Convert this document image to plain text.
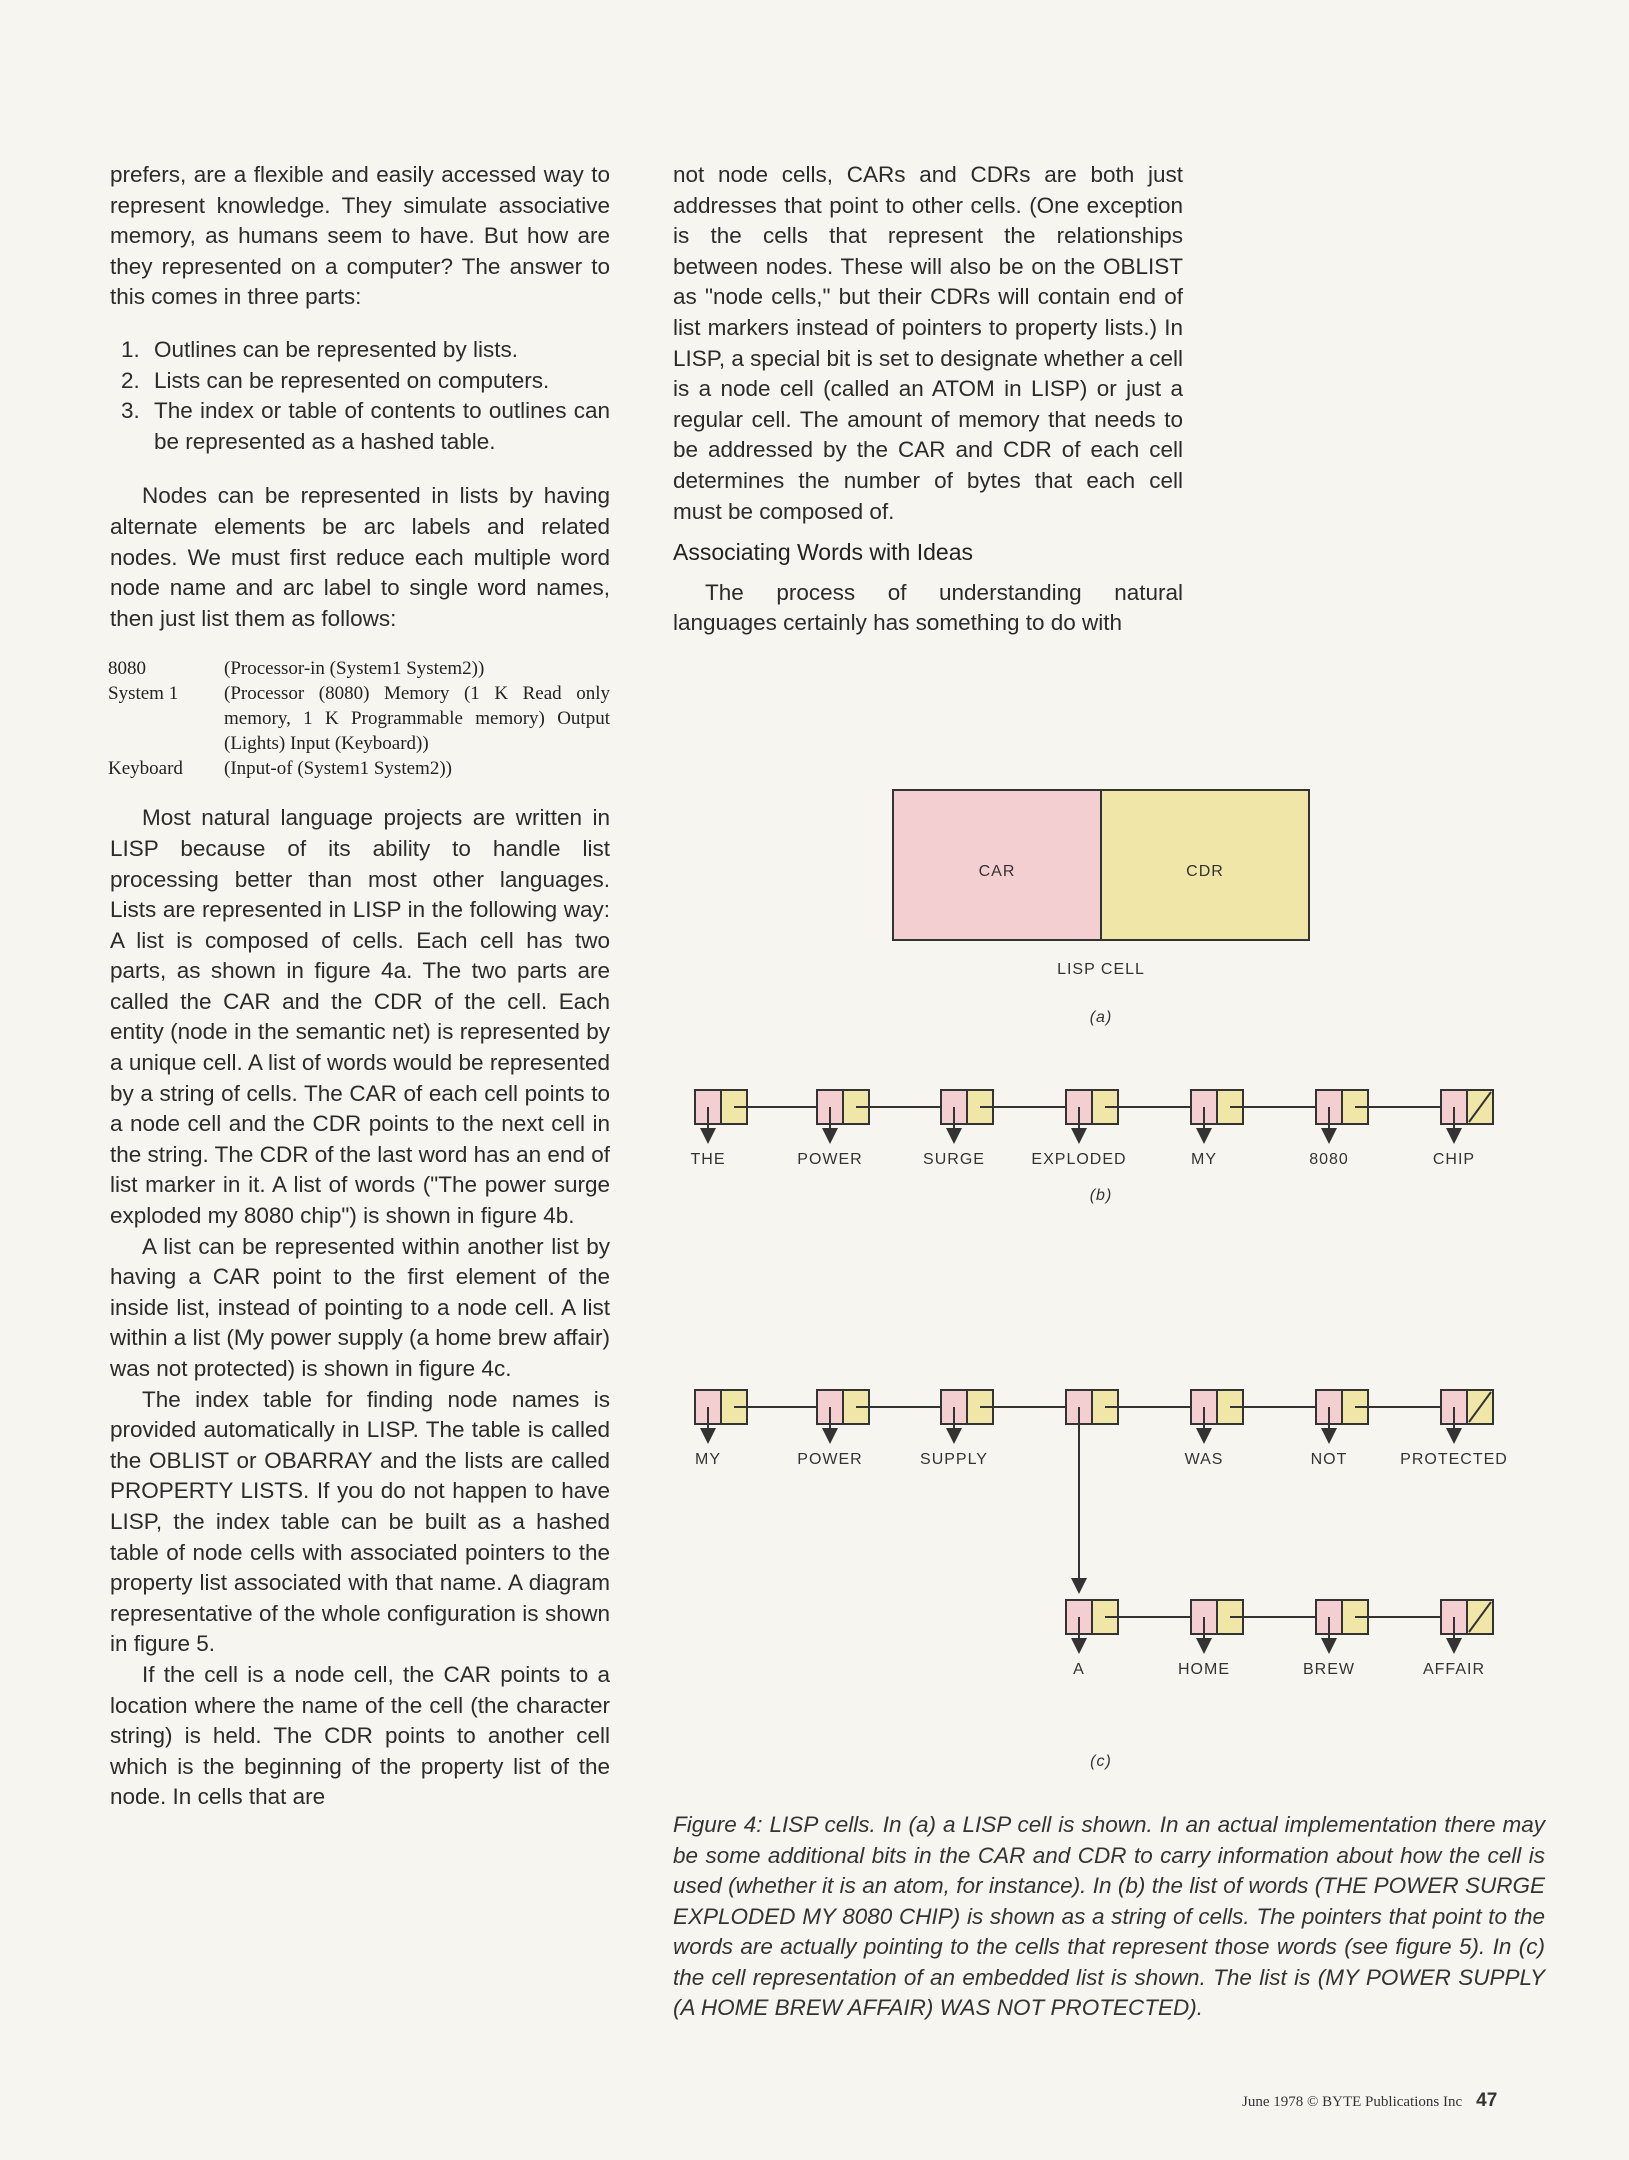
prefers, are a flexible and easily accessed way to represent knowledge. They simulate associative memory, as humans seem to have. But how are they represented on a computer? The answer to this comes in three parts:

1. Outlines can be represented by lists.
2. Lists can be represented on computers.
3. The index or table of contents to outlines can be represented as a hashed table.

Nodes can be represented in lists by having alternate elements be arc labels and related nodes. We must first reduce each multiple word node name and arc label to single word names, then just list them as follows:

8080	(Processor-in (System1 System2))
System 1	(Processor (8080) Memory (1 K Read only memory, 1 K Programmable memory) Output (Lights) Input (Keyboard))
Keyboard	(Input-of (System1 System2))

Most natural language projects are written in LISP because of its ability to handle list processing better than most other languages. Lists are represented in LISP in the following way: A list is composed of cells. Each cell has two parts, as shown in figure 4a. The two parts are called the CAR and the CDR of the cell. Each entity (node in the semantic net) is represented by a unique cell. A list of words would be represented by a string of cells. The CAR of each cell points to a node cell and the CDR points to the next cell in the string. The CDR of the last word has an end of list marker in it. A list of words ("The power surge exploded my 8080 chip") is shown in figure 4b.

A list can be represented within another list by having a CAR point to the first element of the inside list, instead of pointing to a node cell. A list within a list (My power supply (a home brew affair) was not protected) is shown in figure 4c.

The index table for finding node names is provided automatically in LISP. The table is called the OBLIST or OBARRAY and the lists are called PROPERTY LISTS. If you do not happen to have LISP, the index table can be built as a hashed table of node cells with associated pointers to the property list associated with that name. A diagram representative of the whole configuration is shown in figure 5.

If the cell is a node cell, the CAR points to a location where the name of the cell (the character string) is held. The CDR points to another cell which is the beginning of the property list of the node. In cells that are

not node cells, CARs and CDRs are both just addresses that point to other cells. (One exception is the cells that represent the relationships between nodes. These will also be on the OBLIST as "node cells," but their CDRs will contain end of list markers instead of pointers to property lists.) In LISP, a special bit is set to designate whether a cell is a node cell (called an ATOM in LISP) or just a regular cell. The amount of memory that needs to be addressed by the CAR and CDR of each cell determines the number of bytes that each cell must be composed of.

Associating Words with Ideas

The process of understanding natural languages certainly has something to do with

CAR	CDR
LISP CELL
(a)
THE	POWER	SURGE	EXPLODED	MY	8080	CHIP
(b)
MY	POWER	SUPPLY	WAS	NOT	PROTECTED
A	HOME	BREW	AFFAIR
(c)
Figure 4: LISP cells. In (a) a LISP cell is shown. In an actual implementation there may be some additional bits in the CAR and CDR to carry information about how the cell is used (whether it is an atom, for instance). In (b) the list of words (THE POWER SURGE EXPLODED MY 8080 CHIP) is shown as a string of cells. The pointers that point to the words are actually pointing to the cells that represent those words (see figure 5). In (c) the cell representation of an embedded list is shown. The list is (MY POWER SUPPLY (A HOME BREW AFFAIR) WAS NOT PROTECTED).
June 1978 © BYTE Publications Inc 47
